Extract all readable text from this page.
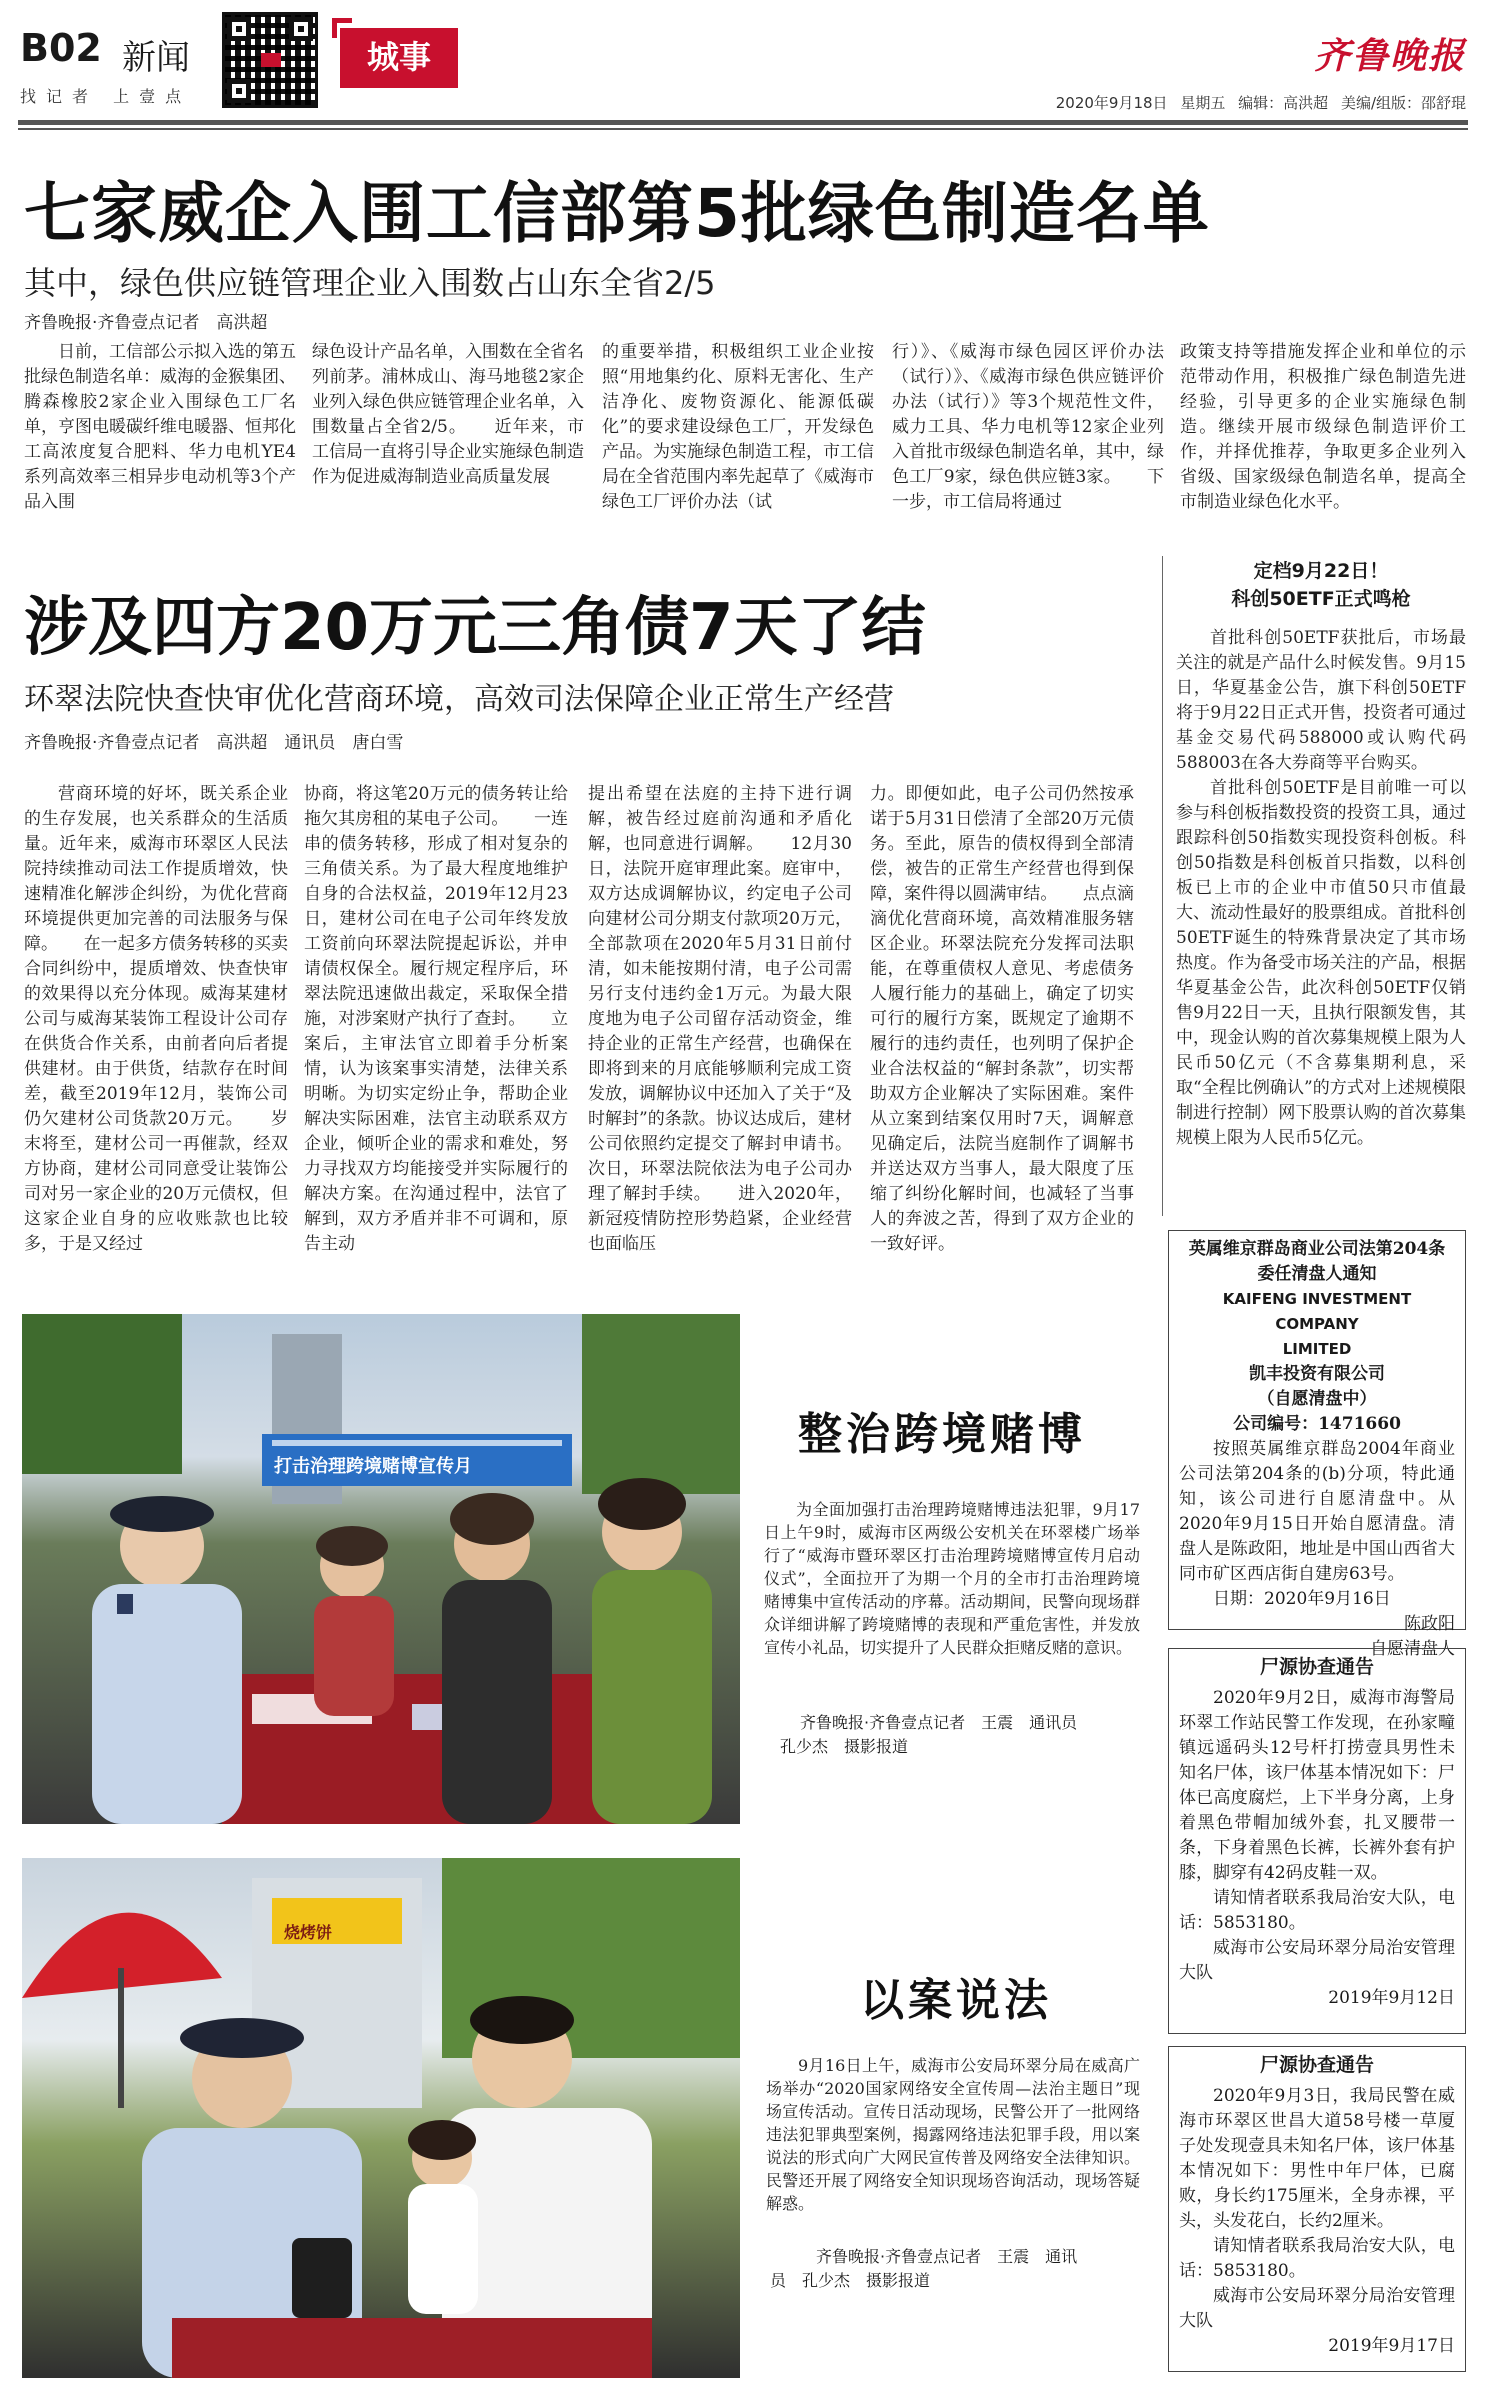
B02 新闻
找记者 上壹点
城事	齐鲁晚报
2020年9月18日 星期五 编辑：高洪超 美编/组版：邵舒琨
七家威企入围工信部第5批绿色制造名单
其中，绿色供应链管理企业入围数占山东全省2/5
齐鲁晚报·齐鲁壹点记者　高洪超

日前，工信部公示拟入选的第五批绿色制造名单：威海的金猴集团、腾森橡胶2家企业入围绿色工厂名单，亨图电暖碳纤维电暖器、恒邦化工高浓度复合肥料、华力电机YE4系列高效率三相异步电动机等3个产品入围

绿色设计产品名单，入围数在全省名列前茅。浦林成山、海马地毯2家企业列入绿色供应链管理企业名单，入围数量占全省2/5。　　近年来，市工信局一直将引导企业实施绿色制造作为促进威海制造业高质量发展

的重要举措，积极组织工业企业按照“用地集约化、原料无害化、生产洁净化、废物资源化、能源低碳化”的要求建设绿色工厂，开发绿色产品。为实施绿色制造工程，市工信局在全省范围内率先起草了《威海市绿色工厂评价办法（试

行）》、《威海市绿色园区评价办法（试行）》、《威海市绿色供应链评价办法（试行）》等3个规范性文件，威力工具、华力电机等12家企业列入首批市级绿色制造名单，其中，绿色工厂9家，绿色供应链3家。　　下一步，市工信局将通过

政策支持等措施发挥企业和单位的示范带动作用，积极推广绿色制造先进经验，引导更多的企业实施绿色制造。继续开展市级绿色制造评价工作，并择优推荐，争取更多企业列入省级、国家级绿色制造名单，提高全市制造业绿色化水平。

涉及四方20万元三角债7天了结
环翠法院快查快审优化营商环境，高效司法保障企业正常生产经营
齐鲁晚报·齐鲁壹点记者　高洪超　通讯员　唐白雪

营商环境的好坏，既关系企业的生存发展，也关系群众的生活质量。近年来，威海市环翠区人民法院持续推动司法工作提质增效，快速精准化解涉企纠纷，为优化营商环境提供更加完善的司法服务与保障。　　在一起多方债务转移的买卖合同纠纷中，提质增效、快查快审的效果得以充分体现。威海某建材公司与威海某装饰工程设计公司存在供货合作关系，由前者向后者提供建材。由于供货，结款存在时间差，截至2019年12月，装饰公司仍欠建材公司货款20万元。　　岁末将至，建材公司一再催款，经双方协商，建材公司同意受让装饰公司对另一家企业的20万元债权，但这家企业自身的应收账款也比较多，于是又经过

协商，将这笔20万元的债务转让给拖欠其房租的某电子公司。　　一连串的债务转移，形成了相对复杂的三角债关系。为了最大程度地维护自身的合法权益，2019年12月23日，建材公司在电子公司年终发放工资前向环翠法院提起诉讼，并申请债权保全。履行规定程序后，环翠法院迅速做出裁定，采取保全措施，对涉案财产执行了查封。　　立案后，主审法官立即着手分析案情，认为该案事实清楚，法律关系明晰。为切实定纷止争，帮助企业解决实际困难，法官主动联系双方企业，倾听企业的需求和难处，努力寻找双方均能接受并实际履行的解决方案。在沟通过程中，法官了解到，双方矛盾并非不可调和，原告主动

提出希望在法庭的主持下进行调解，被告经过庭前沟通和矛盾化解，也同意进行调解。　　12月30日，法院开庭审理此案。庭审中，双方达成调解协议，约定电子公司向建材公司分期支付款项20万元，全部款项在2020年5月31日前付清，如未能按期付清，电子公司需另行支付违约金1万元。为最大限度地为电子公司留存活动资金，维持企业的正常生产经营，也确保在即将到来的月底能够顺利完成工资发放，调解协议中还加入了关于“及时解封”的条款。协议达成后，建材公司依照约定提交了解封申请书。次日，环翠法院依法为电子公司办理了解封手续。　　进入2020年，新冠疫情防控形势趋紧，企业经营也面临压

力。即便如此，电子公司仍然按承诺于5月31日偿清了全部20万元债务。至此，原告的债权得到全部清偿，被告的正常生产经营也得到保障，案件得以圆满审结。　　点点滴滴优化营商环境，高效精准服务辖区企业。环翠法院充分发挥司法职能，在尊重债权人意见、考虑债务人履行能力的基础上，确定了切实可行的履行方案，既规定了逾期不履行的违约责任，也列明了保护企业合法权益的“解封条款”，切实帮助双方企业解决了实际困难。案件从立案到结案仅用时7天，调解意见确定后，法院当庭制作了调解书并送达双方当事人，最大限度了压缩了纠纷化解时间，也减轻了当事人的奔波之苦，得到了双方企业的一致好评。

定档9月22日！
科创50ETF正式鸣枪

首批科创50ETF获批后，市场最关注的就是产品什么时候发售。9月15日，华夏基金公告，旗下科创50ETF将于9月22日正式开售，投资者可通过基金交易代码588000或认购代码588003在各大券商等平台购买。

首批科创50ETF是目前唯一可以参与科创板指数投资的投资工具，通过跟踪科创50指数实现投资科创板。科创50指数是科创板首只指数，以科创板已上市的企业中市值50只市值最大、流动性最好的股票组成。首批科创50ETF诞生的特殊背景决定了其市场热度。作为备受市场关注的产品，根据华夏基金公告，此次科创50ETF仅销售9月22日一天，且执行限额发售，其中，现金认购的首次募集规模上限为人民币50亿元（不含募集期利息，采取“全程比例确认”的方式对上述规模限制进行控制）网下股票认购的首次募集规模上限为人民币5亿元。

英属维京群岛商业公司法第204条
委任清盘人通知
KAIFENG INVESTMENT COMPANY
LIMITED
凯丰投资有限公司
（自愿清盘中）
公司编号：1471660

按照英属维京群岛2004年商业公司法第204条的(b)分项，特此通知，该公司进行自愿清盘中。从2020年9月15日开始自愿清盘。清盘人是陈政阳，地址是中国山西省大同市矿区西店街自建房63号。

日期：2020年9月16日

陈政阳
自愿清盘人
尸源协查通告

2020年9月2日，威海市海警局环翠工作站民警工作发现，在孙家疃镇远遥码头12号杆打捞壹具男性未知名尸体，该尸体基本情况如下：尸体已高度腐烂，上下半身分离，上身着黑色带帽加绒外套，扎叉腰带一条，下身着黑色长裤，长裤外套有护膝，脚穿有42码皮鞋一双。

请知情者联系我局治安大队，电话：5853180。

威海市公安局环翠分局治安管理大队

2019年9月12日
尸源协查通告

2020年9月3日，我局民警在威海市环翠区世昌大道58号楼一草厦子处发现壹具未知名尸体，该尸体基本情况如下：男性中年尸体，已腐败，身长约175厘米，全身赤裸，平头，头发花白，长约2厘米。

请知情者联系我局治安大队，电话：5853180。

威海市公安局环翠分局治安管理大队

2019年9月17日
打击治理跨境赌博宣传月
整治跨境赌博

为全面加强打击治理跨境赌博违法犯罪，9月17日上午9时，威海市区两级公安机关在环翠楼广场举行了“威海市暨环翠区打击治理跨境赌博宣传月启动仪式”，全面拉开了为期一个月的全市打击治理跨境赌博集中宣传活动的序幕。活动期间，民警向现场群众详细讲解了跨境赌博的表现和严重危害性，并发放宣传小礼品，切实提升了人民群众拒赌反赌的意识。

齐鲁晚报·齐鲁壹点记者　王震　通讯员
孔少杰　摄影报道
烧烤饼
以案说法

9月16日上午，威海市公安局环翠分局在威高广场举办“2020国家网络安全宣传周—法治主题日”现场宣传活动。宣传日活动现场，民警公开了一批网络违法犯罪典型案例，揭露网络违法犯罪手段，用以案说法的形式向广大网民宣传普及网络安全法律知识。民警还开展了网络安全知识现场咨询活动，现场答疑解惑。

齐鲁晚报·齐鲁壹点记者　王震　通讯
员　孔少杰　摄影报道
